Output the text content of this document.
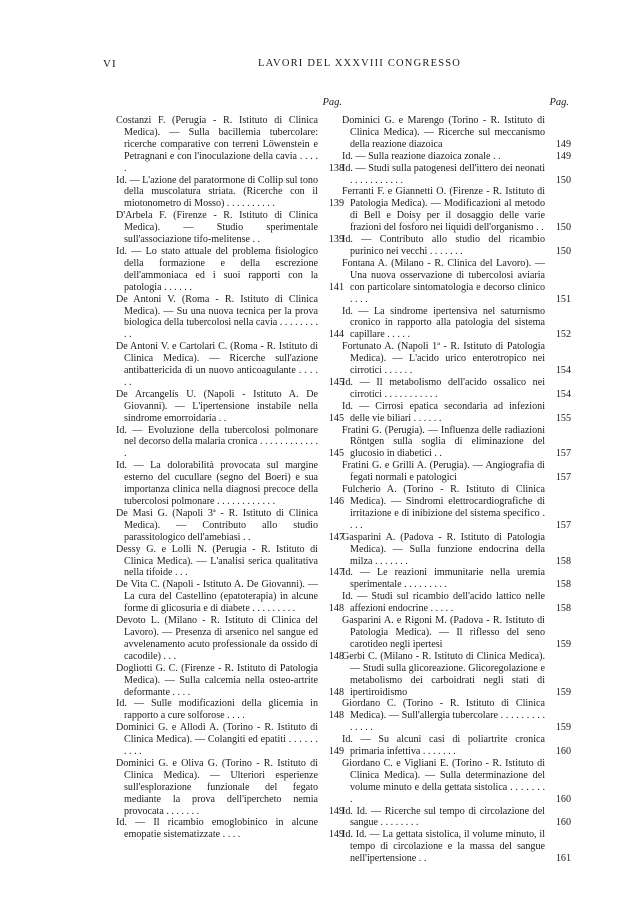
VI	LAVORI DEL XXXVIII CONGRESSO
Pag.

Costanzi F. (Perugia - R. Istituto di Clinica Medica). — Sulla bacillemia tubercolare: ricerche comparative con terreni Löwenstein e Petragnani e con l'inoculazione della cavia . . . . .	138

Id. — L'azione del paratormone di Collip sul tono della muscolatura striata. (Ricerche con il miotonometro di Mosso) . . . . . . . . . .	139

D'Arbela F. (Firenze - R. Istituto di Clinica Medica). — Studio sperimentale sull'associazione tifo-melitense . .	139

Id. — Lo stato attuale del problema fisiologico della formazione e della escrezione dell'ammoniaca ed i suoi rapporti con la patologia . . . . . .	141

De Antoni V. (Roma - R. Istituto di Clinica Medica). — Su una nuova tecnica per la prova biologica della tubercolosi nella cavia . . . . . . . . . .	144

De Antoni V. e Cartolari C. (Roma - R. Istituto di Clinica Medica). — Ricerche sull'azione antibattericida di un nuovo anticoagulante . . . . . .	145

De Arcangelis U. (Napoli - Istituto A. De Giovanni). — L'ipertensione instabile nella sindrome emorroidaria . .	145

Id. — Evoluzione della tubercolosi polmonare nel decorso della malaria cronica . . . . . . . . . . . . .	145

Id. — La dolorabilità provocata sul margine esterno del cucullare (segno del Boeri) e sua importanza clinica nella diagnosi precoce della tubercolosi polmonare . . . . . . . . . . . .	146

De Masi G. (Napoli 3ª - R. Istituto di Clinica Medica). — Contributo allo studio parassitologico dell'amebiasi . .	147

Dessy G. e Lolli N. (Perugia - R. Istituto di Clinica Medica). — L'analisi serica qualitativa nella tifoide . . .	147

De Vita C. (Napoli - Istituto A. De Giovanni). — La cura del Castellino (epatoterapia) in alcune forme di glicosuria e di diabete . . . . . . . . .	148

Devoto L. (Milano - R. Istituto di Clinica del Lavoro). — Presenza di arsenico nel sangue ed avvelenamento acuto professionale da ossido di cacodile) . . .	148

Dogliotti G. C. (Firenze - R. Istituto di Patologia Medica). — Sulla calcemia nella osteo-artrite deformante . . . .	148

Id. — Sulle modificazioni della glicemia in rapporto a cure solforose . . . .	148

Dominici G. e Allodi A. (Torino - R. Istituto di Clinica Medica). — Colangiti ed epatiti . . . . . . . . . .	149

Dominici G. e Oliva G. (Torino - R. Istituto di Clinica Medica). — Ulteriori esperienze sull'esplorazione funzionale del fegato mediante la prova dell'ipercheto nemia provocata . . . . . . .	149

Id. — Il ricambio emoglobinico in alcune emopatie sistematizzate . . . .	149

Pag.

Dominici G. e Marengo (Torino - R. Istituto di Clinica Medica). — Ricerche sul meccanismo della reazione diazoica	149

Id. — Sulla reazione diazoica zonale . .	149

Id. — Studi sulla patogenesi dell'ittero dei neonati . . . . . . . . . . .	150

Ferranti F. e Giannetti O. (Firenze - R. Istituto di Patologia Medica). — Modificazioni al metodo di Bell e Doisy per il dosaggio delle varie frazioni del fosforo nei liquidi dell'organismo . .	150

Id. — Contributo allo studio del ricambio purinico nei vecchi . . . . . . .	150

Fontana A. (Milano - R. Clinica del Lavoro). — Una nuova osservazione di tubercolosi aviaria con particolare sintomatologia e decorso clinico . . . .	151

Id. — La sindrome ipertensiva nel saturnismo cronico in rapporto alla patologia del sistema capillare . . . . .	152

Fortunato A. (Napoli 1ª - R. Istituto di Patologia Medica). — L'acido urico enterotropico nei cirrotici . . . . . .	154

Id. — Il metabolismo dell'acido ossalico nei cirrotici . . . . . . . . . . .	154

Id. — Cirrosi epatica secondaria ad infezioni delle vie biliari . . . . . .	155

Fratini G. (Perugia). — Influenza delle radiazioni Röntgen sulla soglia di eliminazione del glucosio in diabetici . .	157

Fratini G. e Grilli A. (Perugia). — Angiografia di fegati normali e patologici	157

Fulcherio A. (Torino - R. Istituto di Clinica Medica). — Sindromi elettrocardiografiche di irritazione e di inibizione del sistema specifico . . . .	157

Gasparini A. (Padova - R. Istituto di Patologia Medica). — Sulla funzione endocrina della milza . . . . . . .	158

Id. — Le reazioni immunitarie nella uremia sperimentale . . . . . . . . .	158

Id. — Studi sul ricambio dell'acido lattico nelle affezioni endocrine . . . . .	158

Gasparini A. e Rigoni M. (Padova - R. Istituto di Patologia Medica). — Il riflesso del seno carotideo negli ipertesi	159

Gerbi C. (Milano - R. Istituto di Clinica Medica). — Studi sulla glicoreazione. Glicoregolazione e metabolismo dei carboidrati negli stati di ipertiroidismo	159

Giordano C. (Torino - R. Istituto di Clinica Medica). — Sull'allergia tubercolare . . . . . . . . . . . . . .	159

Id. — Su alcuni casi di poliartrite cronica primaria infettiva . . . . . . .	160

Giordano C. e Vigliani E. (Torino - R. Istituto di Clinica Medica). — Sulla determinazione del volume minuto e della gettata sistolica . . . . . . . .	160

Id. Id. — Ricerche sul tempo di circolazione del sangue . . . . . . . .	160

Id. Id. — La gettata sistolica, il volume minuto, il tempo di circolazione e la massa del sangue nell'ipertensione . .	161
